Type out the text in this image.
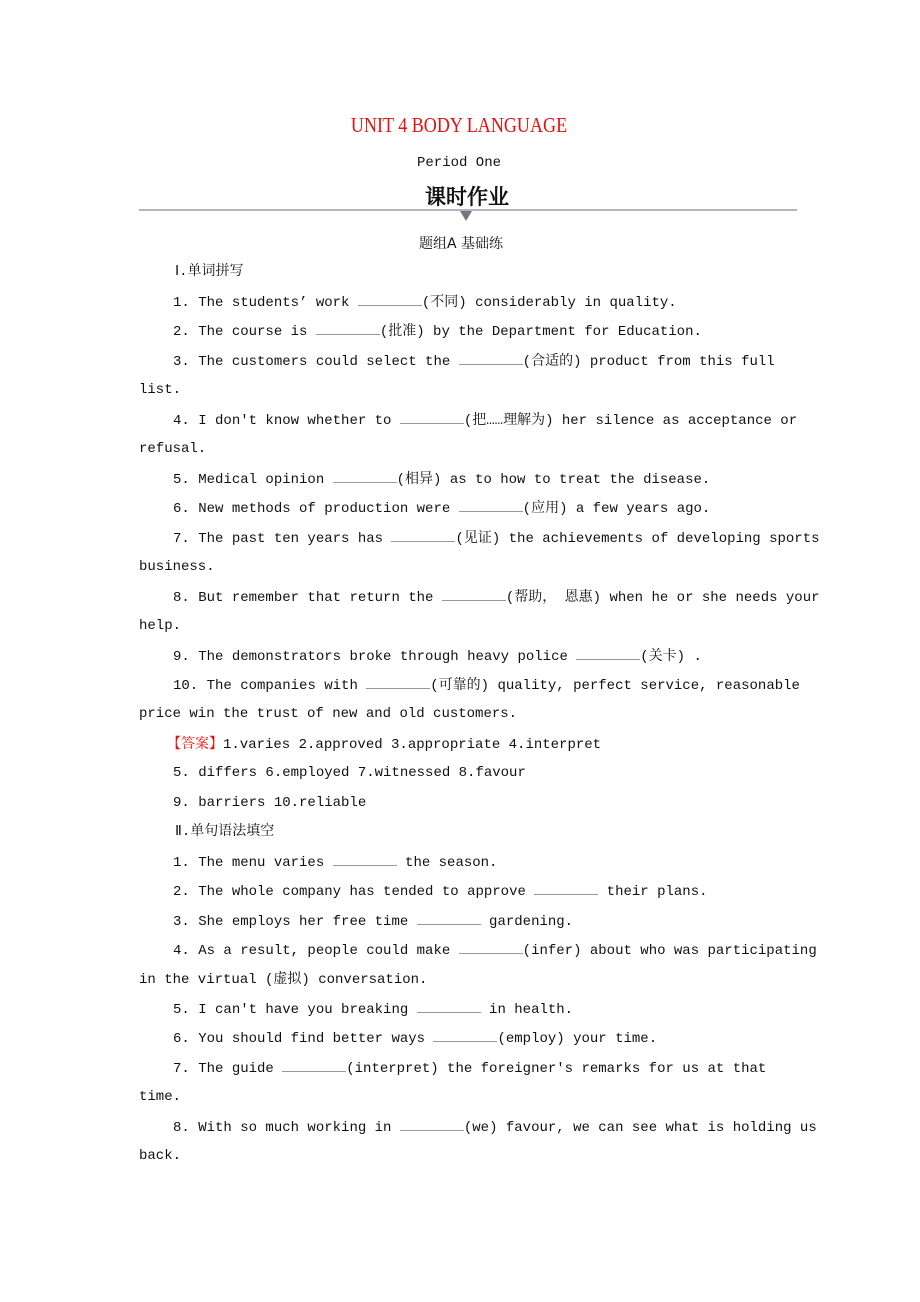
UNIT 4 BODY LANGUAGE
Period One
课时作业
题组A 基础练
Ⅰ.单词拼写
1. The students’ work	(不同) considerably in quality.
2. The course is	(批准) by the Department for Education.
3. The customers could select the	(合适的) product from this full
list.
4. I don't know whether to	(把……理解为) her silence as acceptance or
refusal.
5. Medical opinion	(相异) as to how to treat the disease.
6. New methods of production were	(应用) a few years ago.
7. The past ten years has	(见证) the achievements of developing sports
business.
8. But remember that return the	(帮助， 恩惠) when he or she needs your
help.
9. The demonstrators broke through heavy police	(关卡) .
10. The companies with	(可靠的) quality, perfect service, reasonable
price win the trust of new and old customers.
【答案】1.varies 2.approved 3.appropriate 4.interpret
5. differs 6.employed 7.witnessed 8.favour
9. barriers 10.reliable
Ⅱ.单句语法填空
1. The menu varies	the season.
2. The whole company has tended to approve	their plans.
3. She employs her free time	gardening.
4. As a result, people could make	(infer) about who was participating
in the virtual (虚拟) conversation.
5. I can't have you breaking	in health.
6. You should find better ways	(employ) your time.
7. The guide	(interpret) the foreigner's remarks for us at that
time.
8. With so much working in	(we) favour, we can see what is holding us
back.
